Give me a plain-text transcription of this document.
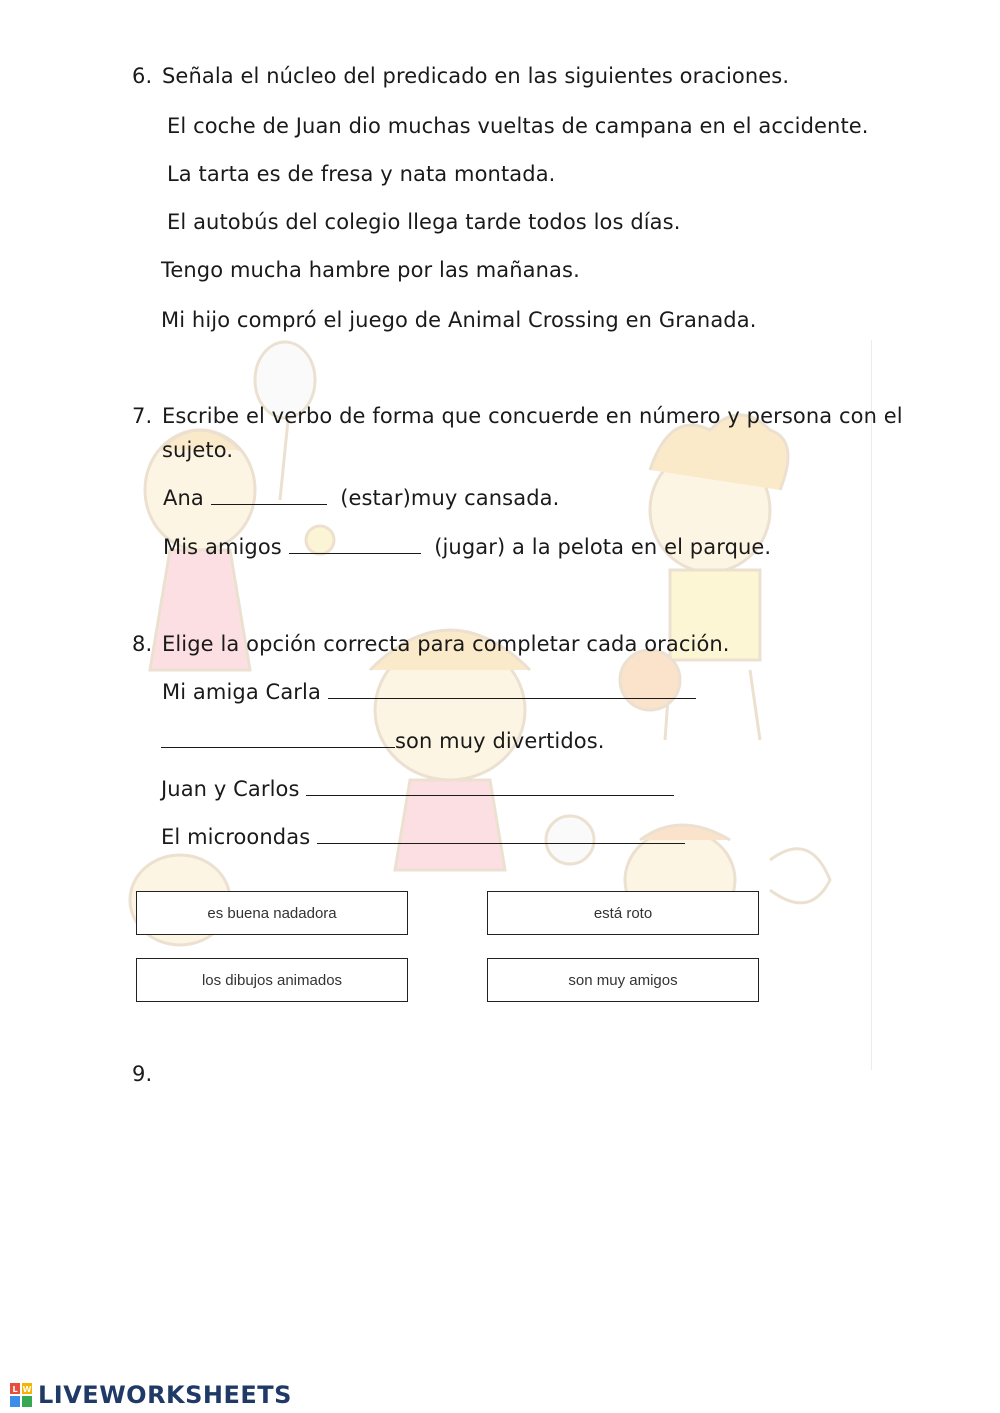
6. Señala el núcleo del predicado en las siguientes oraciones.
El coche de Juan dio muchas vueltas de campana en el accidente.
La tarta es de fresa y nata montada.
El autobús del colegio llega tarde todos los días.
Tengo mucha hambre por las mañanas.
Mi hijo compró el juego de Animal Crossing en Granada.
7. Escribe el verbo de forma que concuerde en número y persona con el
sujeto.
Ana	(estar)muy cansada.
Mis amigos	(jugar) a la pelota en el parque.
8. Elige la opción correcta para completar cada oración.
Mi amiga Carla
son muy divertidos.
Juan y Carlos
El microondas
es buena nadadora	está roto
los dibujos animados	son muy amigos
9.
L W LIVEWORKSHEETS
